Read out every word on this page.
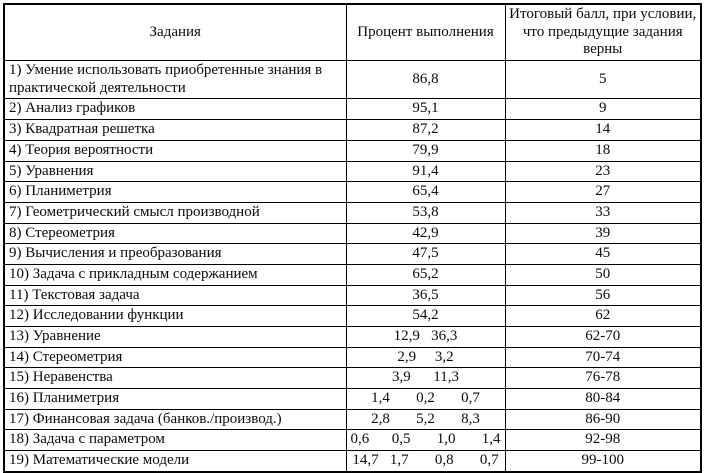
Задания	Процент выполнения	Итоговый балл, при условии, что предыдущие задания верны
1) Умение использовать приобретенные знания в практической деятельности	86,8	5
2) Анализ графиков	95,1	9
3) Квадратная решетка	87,2	14
4) Теория вероятности	79,9	18
5) Уравнения	91,4	23
6) Планиметрия	65,4	27
7) Геометрический смысл производной	53,8	33
8) Стереометрия	42,9	39
9) Вычисления и преобразования	47,5	45
10) Задача с прикладным содержанием	65,2	50
11) Текстовая задача	36,5	56
12) Исследовании функции	54,2	62
13) Уравнение	12,9   36,3	62-70
14) Стереометрия	2,9     3,2	70-74
15) Неравенства	3,9      11,3	76-78
16) Планиметрия	1,4       0,2       0,7	80-84
17) Финансовая задача (банков./производ.)	2,8       5,2       8,3	86-90
18) Задача с параметром	0,6      0,5       1,0       1,4	92-98
19) Математические модели	14,7   1,7       0,8       0,7	99-100
